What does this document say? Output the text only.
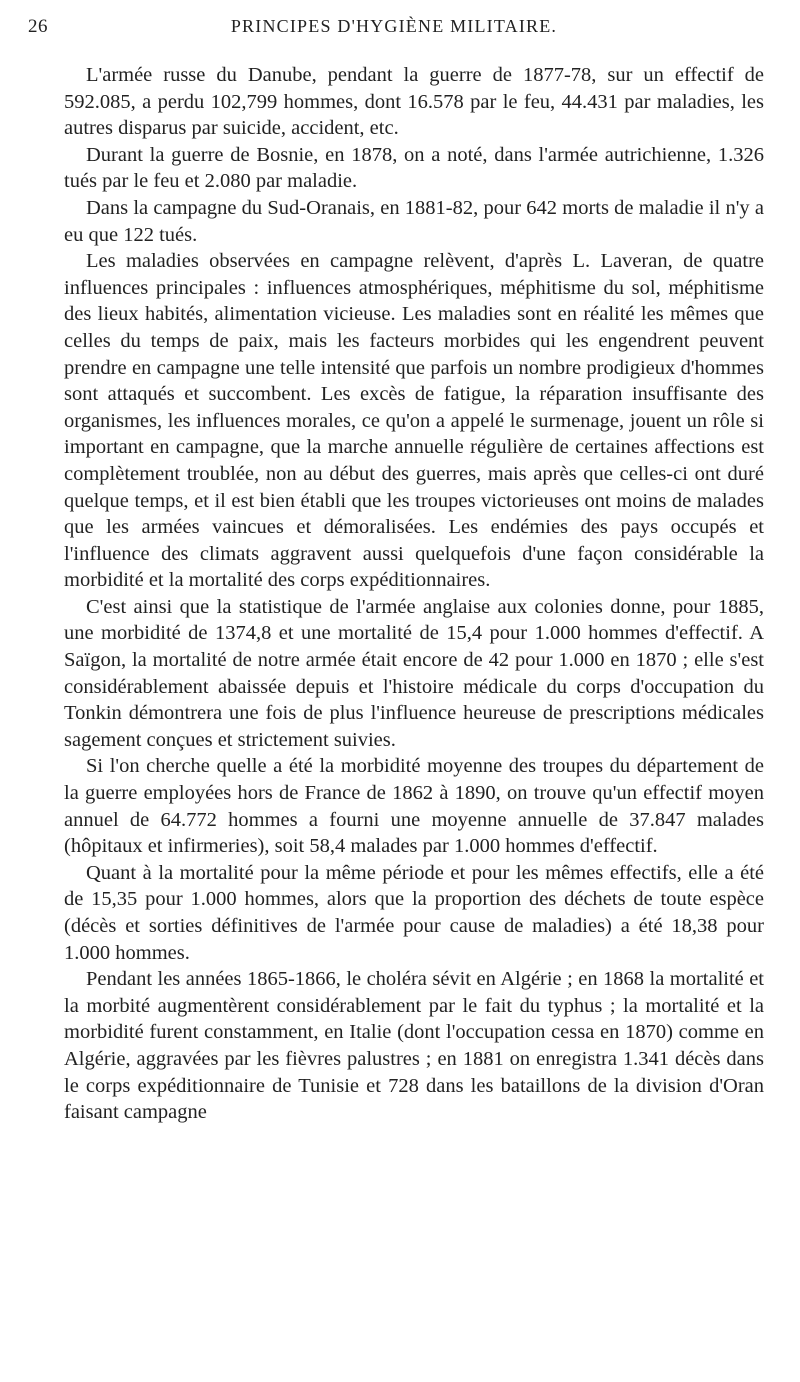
26	PRINCIPES D'HYGIÈNE MILITAIRE.

L'armée russe du Danube, pendant la guerre de 1877-78, sur un effectif de 592.085, a perdu 102,799 hommes, dont 16.578 par le feu, 44.431 par maladies, les autres disparus par suicide, accident, etc.

Durant la guerre de Bosnie, en 1878, on a noté, dans l'armée autrichienne, 1.326 tués par le feu et 2.080 par maladie.

Dans la campagne du Sud-Oranais, en 1881-82, pour 642 morts de maladie il n'y a eu que 122 tués.

Les maladies observées en campagne relèvent, d'après L. Laveran, de quatre influences principales : influences atmosphériques, méphitisme du sol, méphitisme des lieux habités, alimentation vicieuse. Les maladies sont en réalité les mêmes que celles du temps de paix, mais les facteurs morbides qui les engendrent peuvent prendre en campagne une telle intensité que parfois un nombre prodigieux d'hommes sont attaqués et succombent. Les excès de fatigue, la réparation insuffisante des organismes, les influences morales, ce qu'on a appelé le surmenage, jouent un rôle si important en campagne, que la marche annuelle régulière de certaines affections est complètement troublée, non au début des guerres, mais après que celles-ci ont duré quelque temps, et il est bien établi que les troupes victorieuses ont moins de malades que les armées vaincues et démoralisées. Les endémies des pays occupés et l'influence des climats aggravent aussi quelquefois d'une façon considérable la morbidité et la mortalité des corps expéditionnaires.

C'est ainsi que la statistique de l'armée anglaise aux colonies donne, pour 1885, une morbidité de 1374,8 et une mortalité de 15,4 pour 1.000 hommes d'effectif. A Saïgon, la mortalité de notre armée était encore de 42 pour 1.000 en 1870 ; elle s'est considérablement abaissée depuis et l'histoire médicale du corps d'occupation du Tonkin démontrera une fois de plus l'influence heureuse de prescriptions médicales sagement conçues et strictement suivies.

Si l'on cherche quelle a été la morbidité moyenne des troupes du département de la guerre employées hors de France de 1862 à 1890, on trouve qu'un effectif moyen annuel de 64.772 hommes a fourni une moyenne annuelle de 37.847 malades (hôpitaux et infirmeries), soit 58,4 malades par 1.000 hommes d'effectif.

Quant à la mortalité pour la même période et pour les mêmes effectifs, elle a été de 15,35 pour 1.000 hommes, alors que la proportion des déchets de toute espèce (décès et sorties définitives de l'armée pour cause de maladies) a été 18,38 pour 1.000 hommes.

Pendant les années 1865-1866, le choléra sévit en Algérie ; en 1868 la mortalité et la morbité augmentèrent considérablement par le fait du typhus ; la mortalité et la morbidité furent constamment, en Italie (dont l'occupation cessa en 1870) comme en Algérie, aggravées par les fièvres palustres ; en 1881 on enregistra 1.341 décès dans le corps expéditionnaire de Tunisie et 728 dans les bataillons de la division d'Oran faisant campagne
